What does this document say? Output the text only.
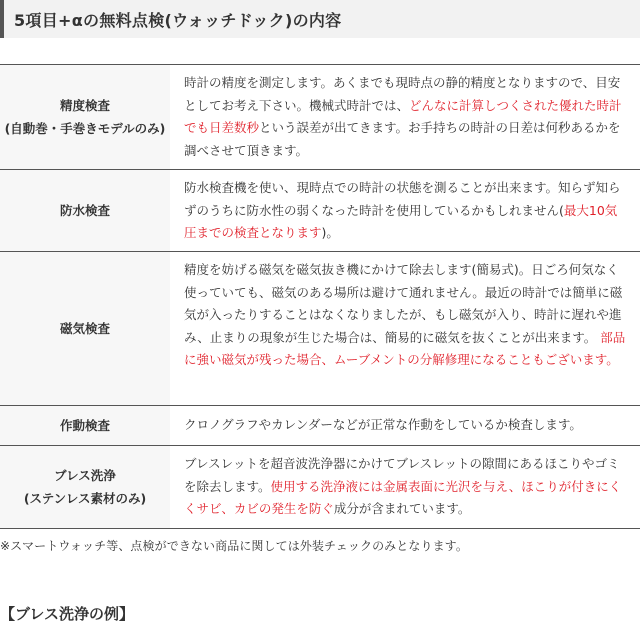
5項目+αの無料点検(ウォッチドック)の内容
精度検査
(自動巻・手巻きモデルのみ)
時計の精度を測定します。あくまでも現時点の静的精度となりますので、目安としてお考え下さい。機械式時計では、どんなに計算しつくされた優れた時計でも日差数秒という誤差が出てきます。お手持ちの時計の日差は何秒あるかを調べさせて頂きます。
防水検査
防水検査機を使い、現時点での時計の状態を測ることが出来ます。知らず知らずのうちに防水性の弱くなった時計を使用しているかもしれません(最大10気圧までの検査となります)。
磁気検査
精度を妨げる磁気を磁気抜き機にかけて除去します(簡易式)。日ごろ何気なく使っていても、磁気のある場所は避けて通れません。最近の時計では簡単に磁気が入ったりすることはなくなりましたが、もし磁気が入り、時計に遅れや進み、止まりの現象が生じた場合は、簡易的に磁気を抜くことが出来ます。 部品に強い磁気が残った場合、ムーブメントの分解修理になることもございます。
作動検査	クロノグラフやカレンダーなどが正常な作動をしているか検査します。
ブレス洗浄
(ステンレス素材のみ)
ブレスレットを超音波洗浄器にかけてブレスレットの隙間にあるほこりやゴミを除去します。使用する洗浄液には金属表面に光沢を与え、ほこりが付きにくくサビ、カビの発生を防ぐ成分が含まれています。
※スマートウォッチ等、点検ができない商品に関しては外装チェックのみとなります。
【ブレス洗浄の例】
